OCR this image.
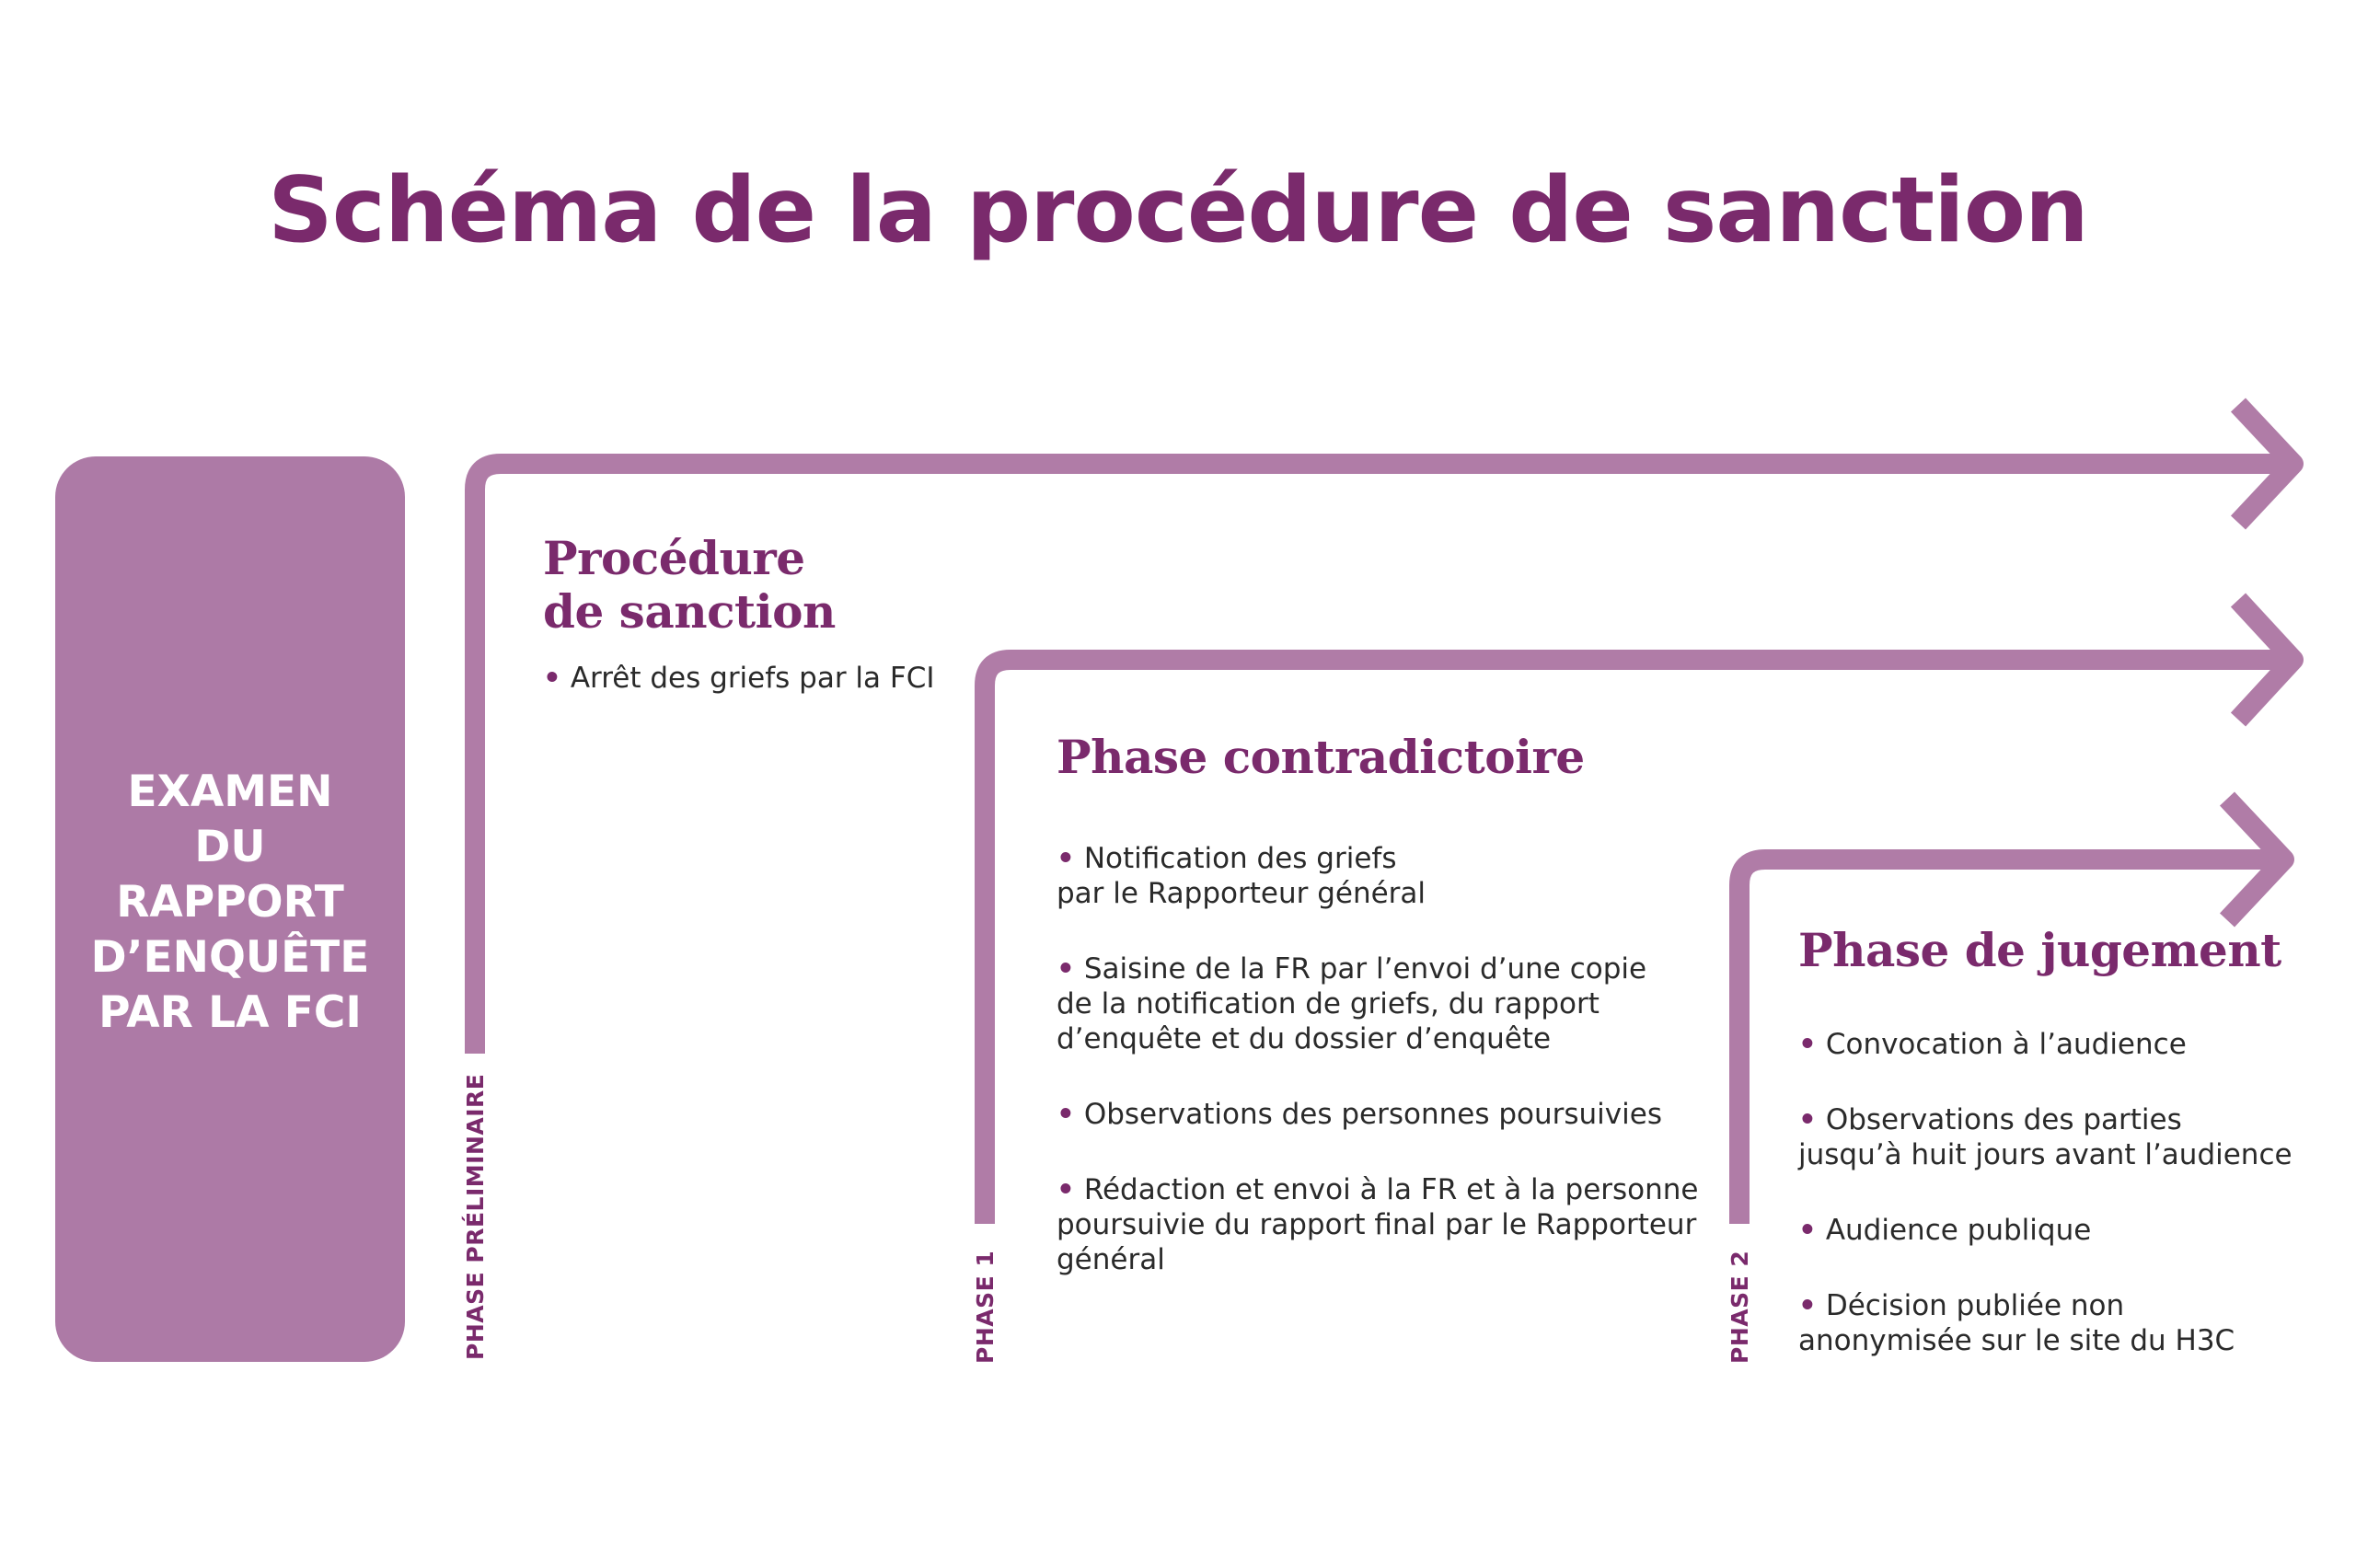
Schéma de la procédure de sanction
EXAMEN
DU
RAPPORT
D’ENQUÊTE
PAR LA FCI
PHASE PRÉLIMINAIRE	PHASE 1	PHASE 2
Procédure
de sanction
• Arrêt des griefs par la FCI
Phase contradictoire

• Notification des griefs
par le Rapporteur général

• Saisine de la FR par l’envoi d’une copie
de la notification de griefs, du rapport
d’enquête et du dossier d’enquête

• Observations des personnes poursuivies

• Rédaction et envoi à la FR et à la personne
poursuivie du rapport final par le Rapporteur
général

Phase de jugement

• Convocation à l’audience

• Observations des parties
jusqu’à huit jours avant l’audience

• Audience publique

• Décision publiée non
anonymisée sur le site du H3C
